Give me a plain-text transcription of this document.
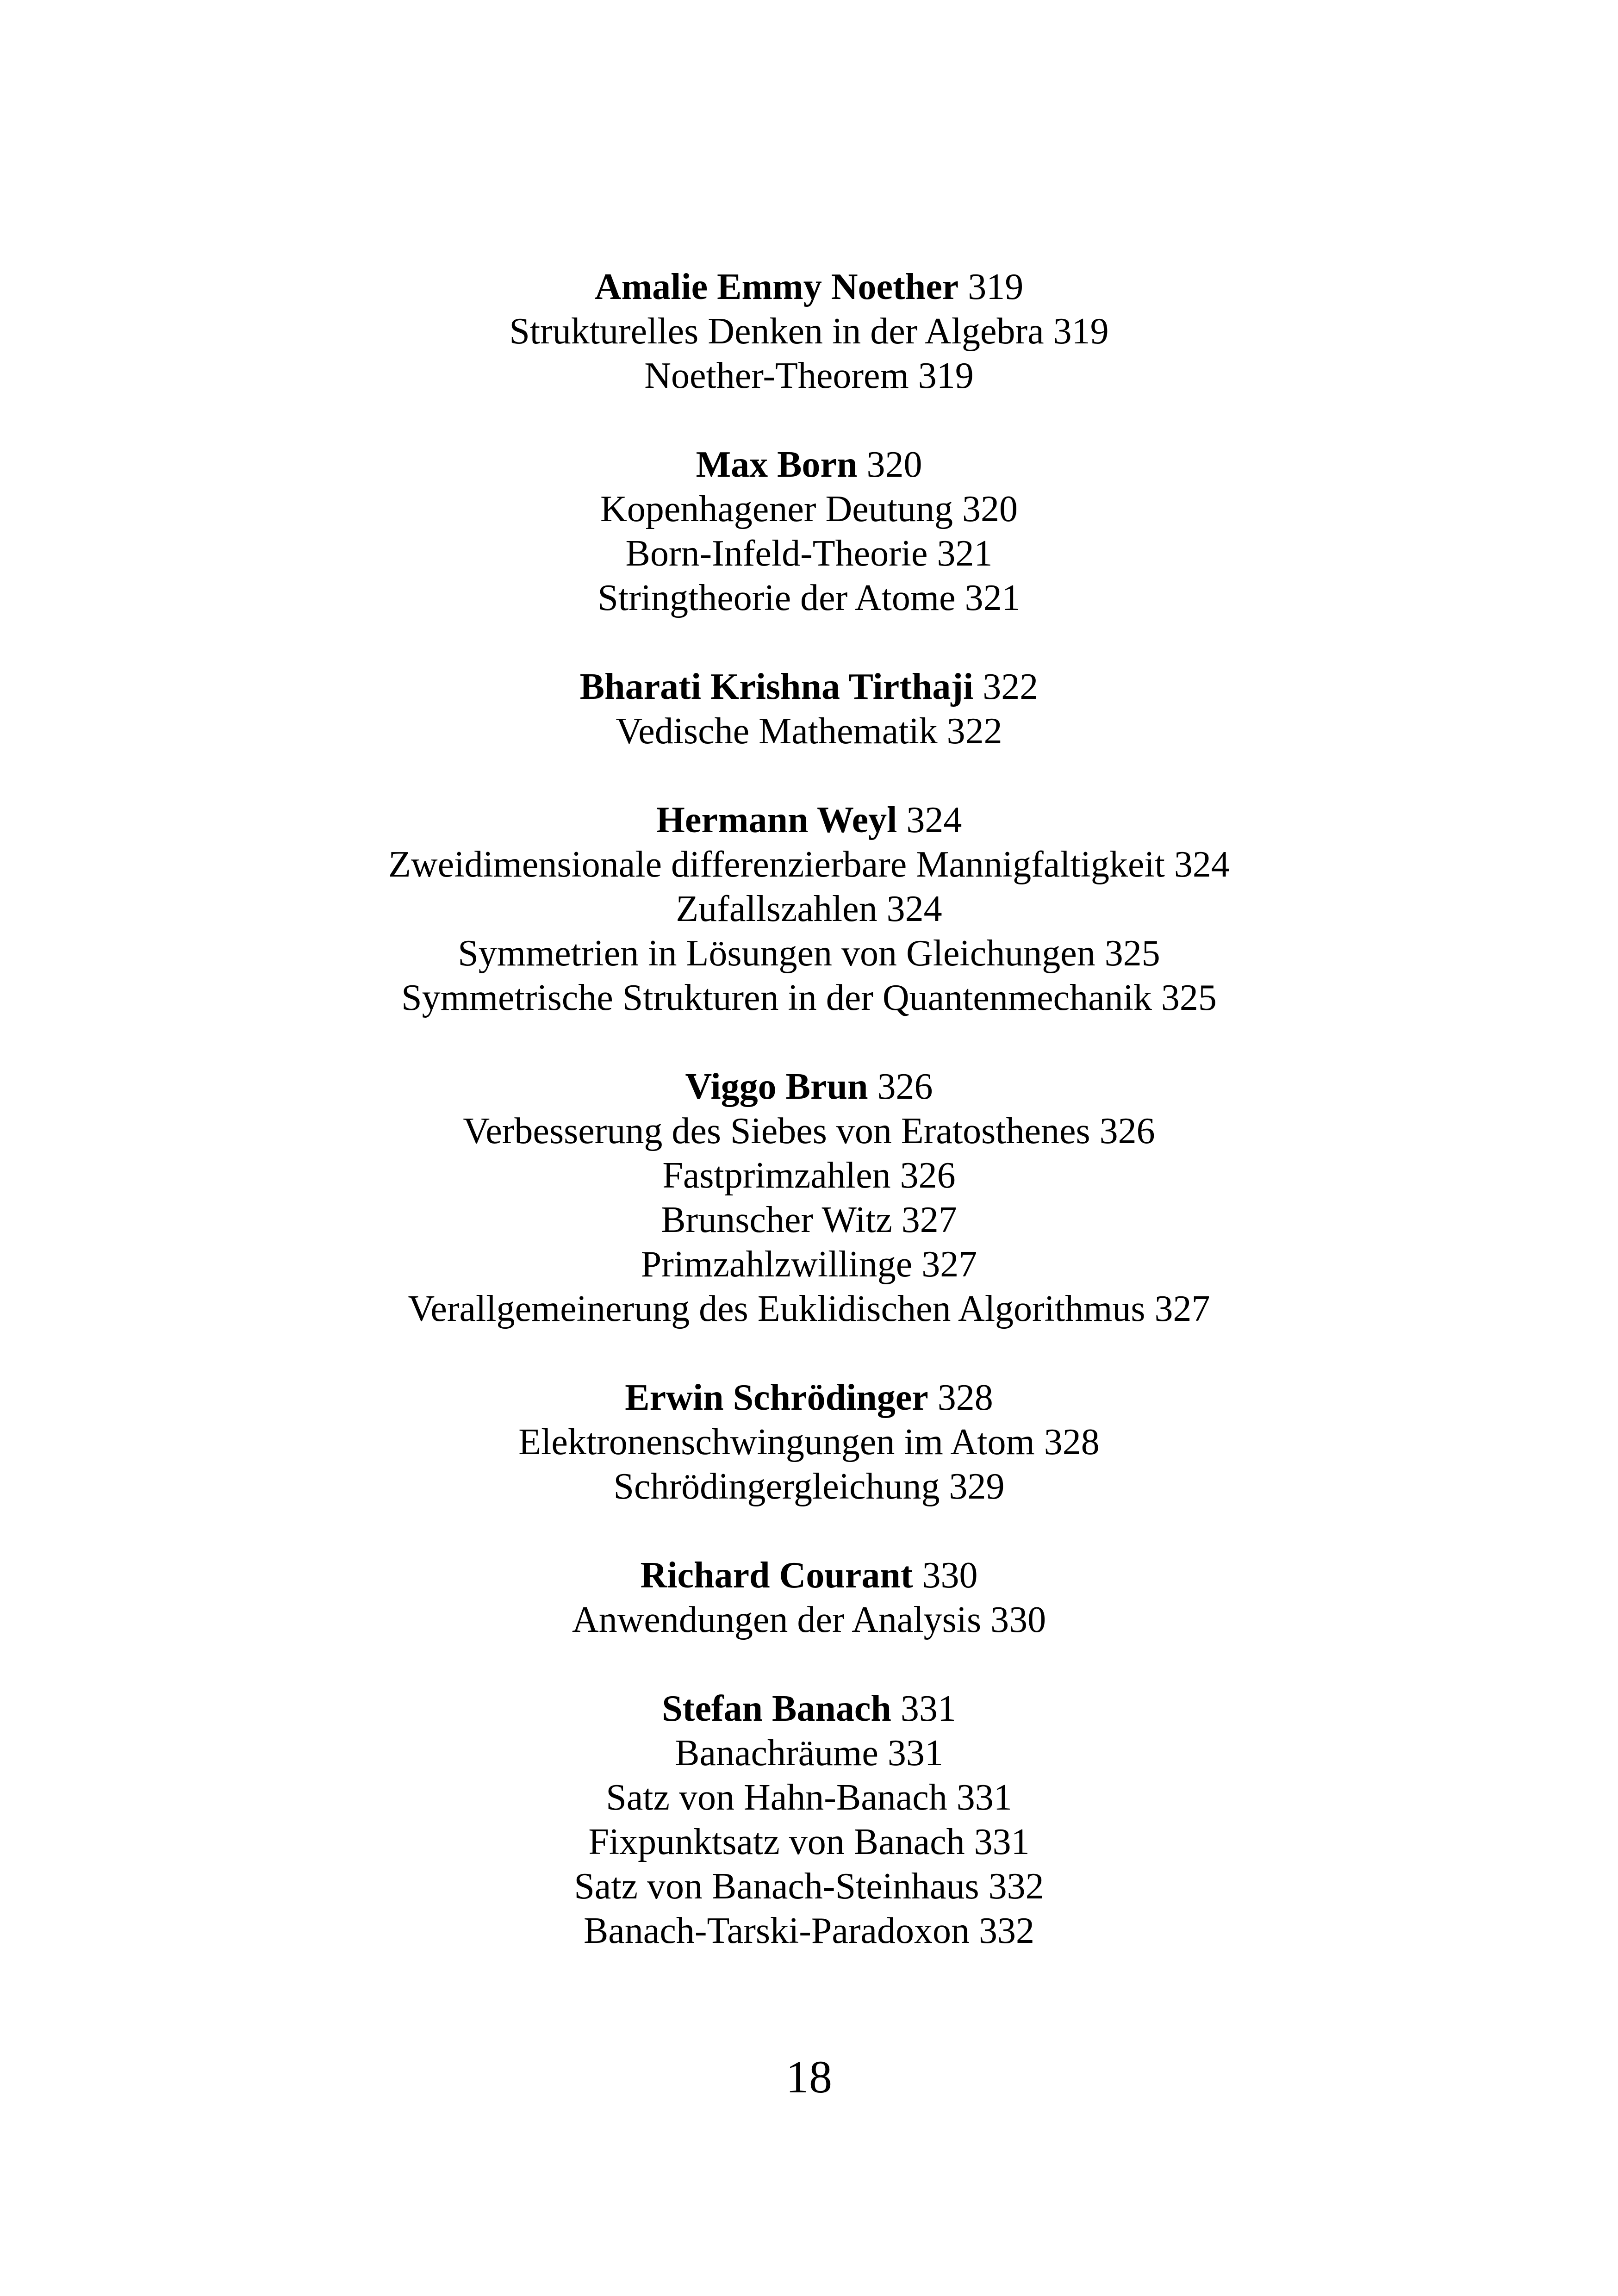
Amalie Emmy Noether 319
Strukturelles Denken in der Algebra 319
Noether-Theorem 319
Max Born 320
Kopenhagener Deutung 320
Born-Infeld-Theorie 321
Stringtheorie der Atome 321
Bharati Krishna Tirthaji 322
Vedische Mathematik 322
Hermann Weyl 324
Zweidimensionale differenzierbare Mannigfaltigkeit 324
Zufallszahlen 324
Symmetrien in Lösungen von Gleichungen 325
Symmetrische Strukturen in der Quantenmechanik 325
Viggo Brun 326
Verbesserung des Siebes von Eratosthenes 326
Fastprimzahlen 326
Brunscher Witz 327
Primzahlzwillinge 327
Verallgemeinerung des Euklidischen Algorithmus 327
Erwin Schrödinger 328
Elektronenschwingungen im Atom 328
Schrödingergleichung 329
Richard Courant 330
Anwendungen der Analysis 330
Stefan Banach 331
Banachräume 331
Satz von Hahn-Banach 331
Fixpunktsatz von Banach 331
Satz von Banach-Steinhaus 332
Banach-Tarski-Paradoxon 332
18
